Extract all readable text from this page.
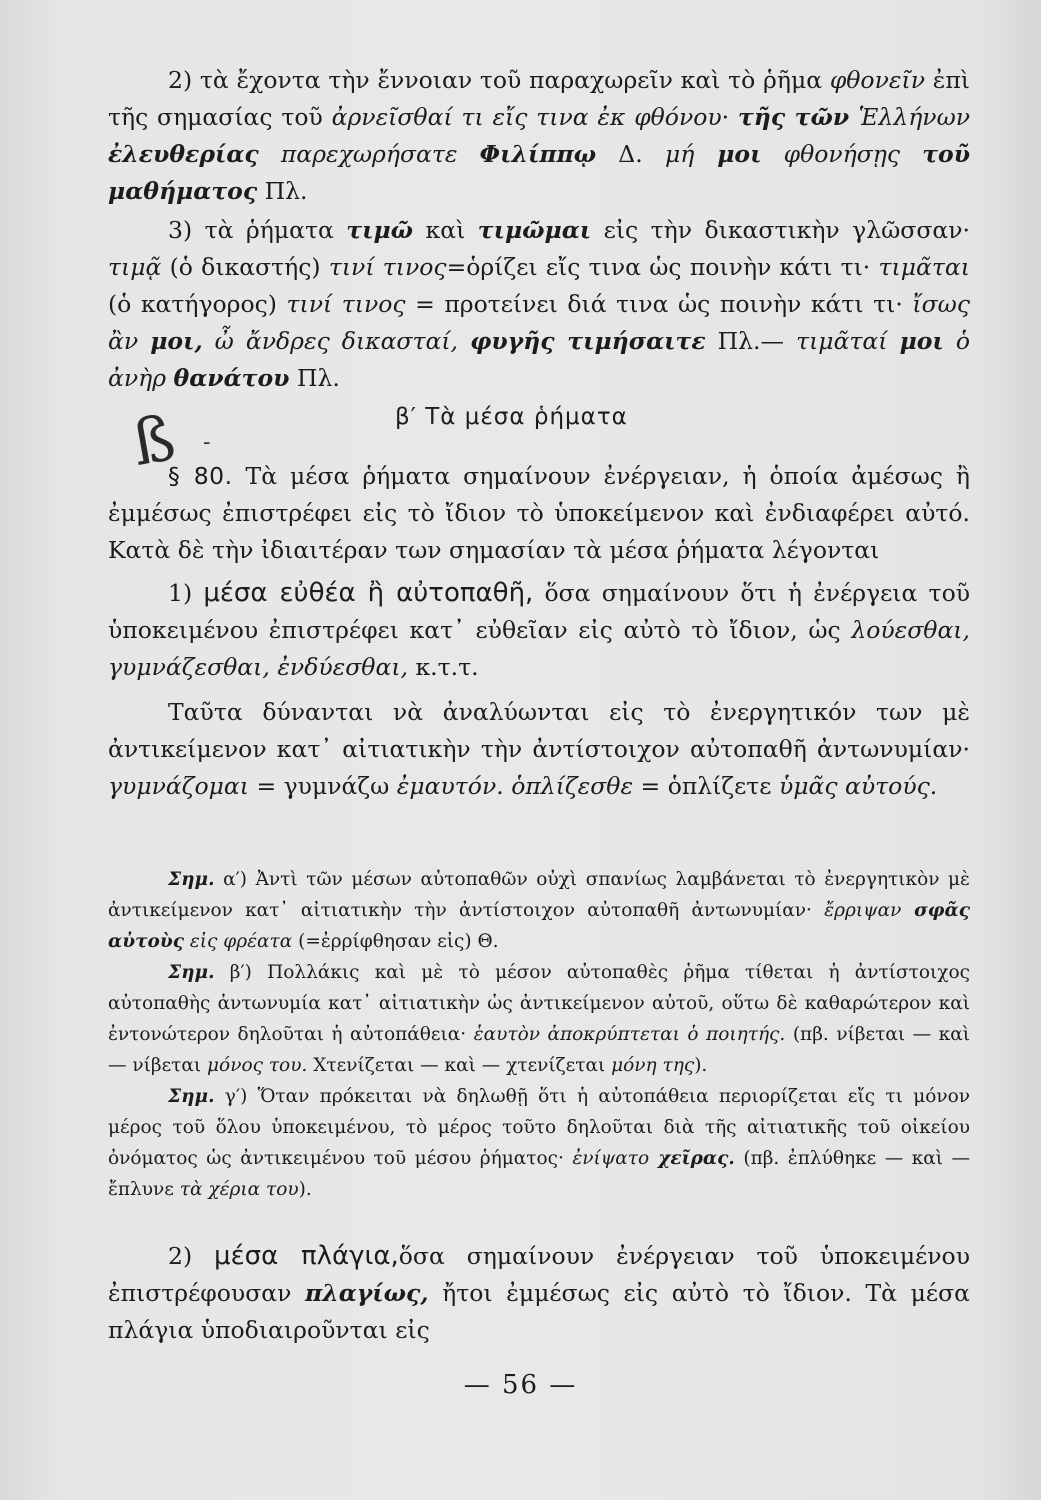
2) τὰ ἔχοντα τὴν ἔννοιαν τοῦ παραχωρεῖν καὶ τὸ ῥῆμα φθονεῖν ἐπὶ τῆς σημασίας τοῦ ἀρνεῖσθαί τι εἴς τινα ἐκ φθόνου· τῆς τῶν Ἑλλήνων ἐλευθερίας παρεχωρήσατε Φιλίππῳ Δ. μή μοι φθονήσῃς τοῦ μαθήματος Πλ.

3) τὰ ῥήματα τιμῶ καὶ τιμῶμαι εἰς τὴν δικαστικὴν γλῶσσαν· τιμᾷ (ὁ δικαστής) τινί τινος=ὁρίζει εἴς τινα ὡς ποινὴν κάτι τι· τιμᾶται (ὁ κατήγορος) τινί τινος = προτείνει διά τινα ὡς ποινὴν κάτι τι· ἴσως ἂν μοι, ὦ ἄνδρες δικασταί, φυγῆς τιμήσαιτε Πλ.— τιμᾶταί μοι ὁ ἀνὴρ θανάτου Πλ.

ß -
β′ Τὰ μέσα ῥήματα

§ 80. Τὰ μέσα ῥήματα σημαίνουν ἐνέργειαν, ἡ ὁποία ἀμέσως ἢ ἐμμέσως ἐπιστρέφει εἰς τὸ ἴδιον τὸ ὑποκείμενον καὶ ἐνδιαφέρει αὐτό. Κατὰ δὲ τὴν ἰδιαιτέραν των σημασίαν τὰ μέσα ῥήματα λέγονται

1) μέσα εὐθέα ἢ αὐτοπαθῆ, ὅσα σημαίνουν ὅτι ἡ ἐνέργεια τοῦ ὑποκειμένου ἐπιστρέφει κατ᾽ εὐθεῖαν εἰς αὐτὸ τὸ ἴδιον, ὡς λούεσθαι, γυμνάζεσθαι, ἐνδύεσθαι, κ.τ.τ.

Ταῦτα δύνανται νὰ ἀναλύωνται εἰς τὸ ἐνεργητικόν των μὲ ἀντικείμενον κατ᾽ αἰτιατικὴν τὴν ἀντίστοιχον αὐτοπαθῆ ἀντωνυμίαν· γυμνάζομαι = γυμνάζω ἐμαυτόν. ὁπλίζεσθε = ὁπλίζετε ὑμᾶς αὐτούς.

Σημ. α′) Ἀντὶ τῶν μέσων αὐτοπαθῶν οὐχὶ σπανίως λαμβάνεται τὸ ἐνεργητικὸν μὲ ἀντικείμενον κατ᾽ αἰτιατικὴν τὴν ἀντίστοιχον αὐτοπαθῆ ἀντωνυμίαν· ἔρριψαν σφᾶς αὐτοὺς εἰς φρέατα (=ἐρρίφθησαν εἰς) Θ.

Σημ. β′) Πολλάκις καὶ μὲ τὸ μέσον αὐτοπαθὲς ῥῆμα τίθεται ἡ ἀντίστοιχος αὐτοπαθὴς ἀντωνυμία κατ᾽ αἰτιατικὴν ὡς ἀντικείμενον αὐτοῦ, οὕτω δὲ καθαρώτερον καὶ ἐντονώτερον δηλοῦται ἡ αὐτοπάθεια· ἑαυτὸν ἀποκρύπτεται ὁ ποιητής. (πβ. νίβεται — καὶ — νίβεται μόνος του. Χτενίζεται — καὶ — χτενίζεται μόνη της).

Σημ. γ′) Ὅταν πρόκειται νὰ δηλωθῇ ὅτι ἡ αὐτοπάθεια περιορίζεται εἴς τι μόνον μέρος τοῦ ὅλου ὑποκειμένου, τὸ μέρος τοῦτο δηλοῦται διὰ τῆς αἰτιατικῆς τοῦ οἰκείου ὀνόματος ὡς ἀντικειμένου τοῦ μέσου ῥήματος· ἐνίψατο χεῖρας. (πβ. ἐπλύθηκε — καὶ — ἔπλυνε τὰ χέρια του).

2) μέσα πλάγια,ὅσα σημαίνουν ἐνέργειαν τοῦ ὑποκειμένου ἐπιστρέφουσαν πλαγίως, ἤτοι ἐμμέσως εἰς αὐτὸ τὸ ἴδιον. Τὰ μέσα πλάγια ὑποδιαιροῦνται εἰς

— 56 —
